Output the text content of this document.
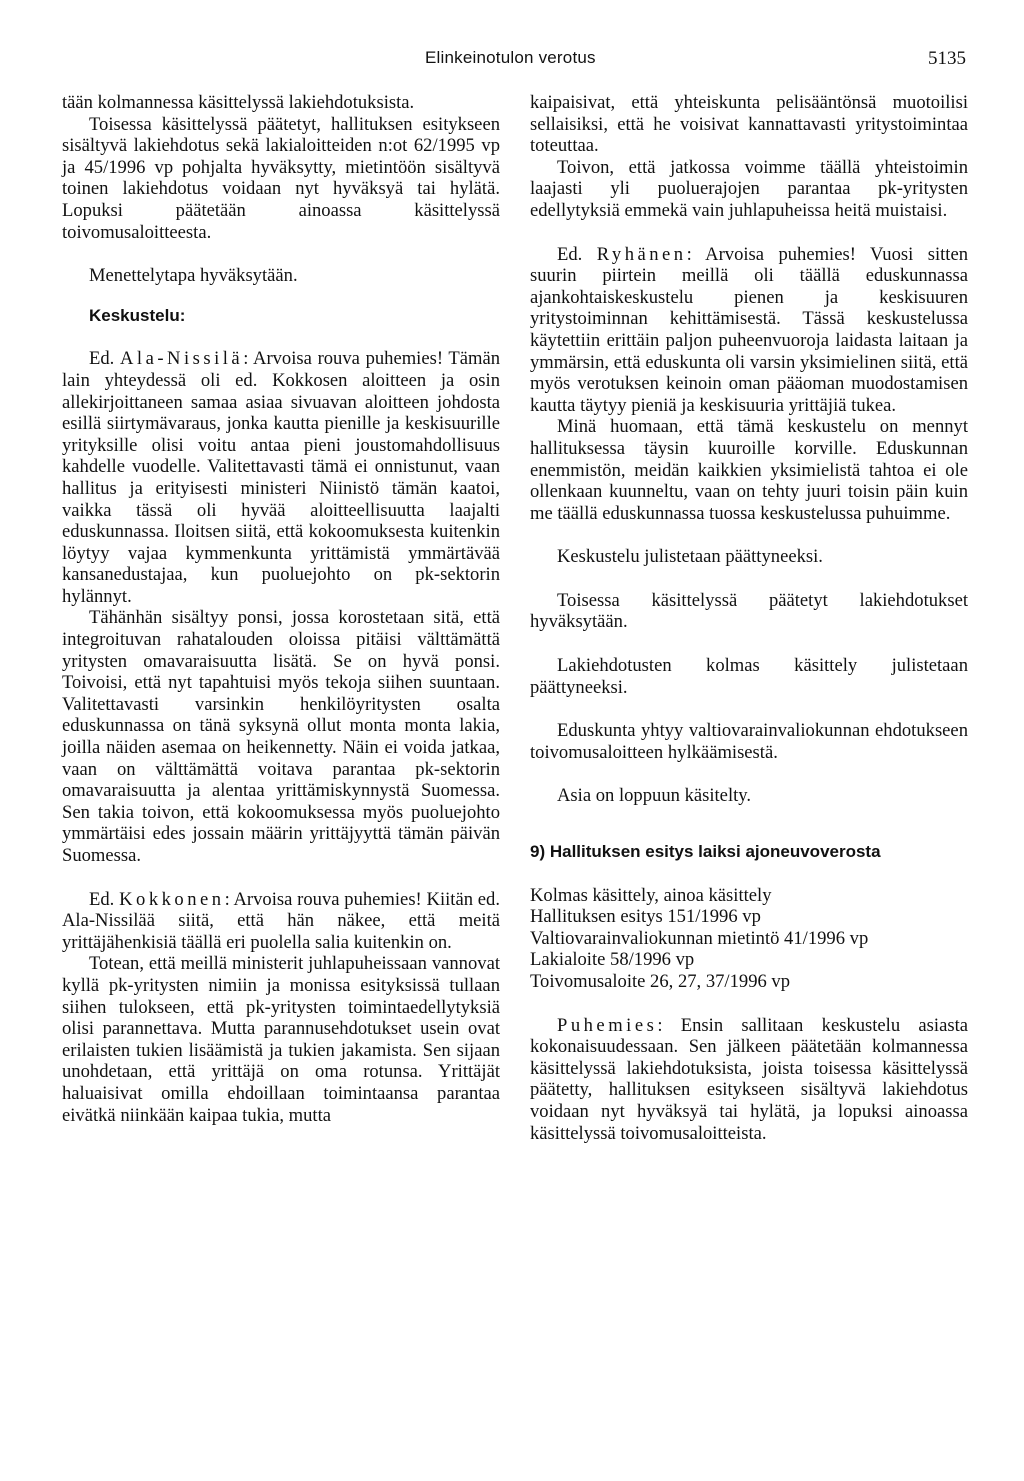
Elinkeinotulon verotus	5135

tään kolmannessa käsittelyssä lakiehdotuksista.

Toisessa käsittelyssä päätetyt, hallituksen esitykseen sisältyvä lakiehdotus sekä lakialoitteiden n:ot 62/1995 vp ja 45/1996 vp pohjalta hyväksytty, mietintöön sisältyvä toinen lakiehdotus voidaan nyt hyväksyä tai hylätä. Lopuksi päätetään ainoassa käsittelyssä toivomusaloitteesta.

Menettelytapa hyväksytään.

Keskustelu:

Ed. Ala-Nissilä: Arvoisa rouva puhemies! Tämän lain yhteydessä oli ed. Kokkosen aloitteen ja osin allekirjoittaneen samaa asiaa sivuavan aloitteen johdosta esillä siirtymävaraus, jonka kautta pienille ja keskisuurille yrityksille olisi voitu antaa pieni joustomahdollisuus kahdelle vuodelle. Valitettavasti tämä ei onnistunut, vaan hallitus ja erityisesti ministeri Niinistö tämän kaatoi, vaikka tässä oli hyvää aloitteellisuutta laajalti eduskunnassa. Iloitsen siitä, että kokoomuksesta kuitenkin löytyy vajaa kymmenkunta yrittämistä ymmärtävää kansanedustajaa, kun puoluejohto on pk-sektorin hylännyt.

Tähänhän sisältyy ponsi, jossa korostetaan sitä, että integroituvan rahatalouden oloissa pitäisi välttämättä yritysten omavaraisuutta lisätä. Se on hyvä ponsi. Toivoisi, että nyt tapahtuisi myös tekoja siihen suuntaan. Valitettavasti varsinkin henkilöyritysten osalta eduskunnassa on tänä syksynä ollut monta monta lakia, joilla näiden asemaa on heikennetty. Näin ei voida jatkaa, vaan on välttämättä voitava parantaa pk-sektorin omavaraisuutta ja alentaa yrittämiskynnystä Suomessa. Sen takia toivon, että kokoomuksessa myös puoluejohto ymmärtäisi edes jossain määrin yrittäjyyttä tämän päivän Suomessa.

Ed. Kokkonen: Arvoisa rouva puhemies! Kiitän ed. Ala-Nissilää siitä, että hän näkee, että meitä yrittäjähenkisiä täällä eri puolella salia kuitenkin on.

Totean, että meillä ministerit juhlapuheissaan vannovat kyllä pk-yritysten nimiin ja monissa esityksissä tullaan siihen tulokseen, että pk-yritysten toimintaedellytyksiä olisi parannettava. Mutta parannusehdotukset usein ovat erilaisten tukien lisäämistä ja tukien jakamista. Sen sijaan unohdetaan, että yrittäjä on oma rotunsa. Yrittäjät haluaisivat omilla ehdoillaan toimintaansa parantaa eivätkä niinkään kaipaa tukia, mutta

kaipaisivat, että yhteiskunta pelisääntönsä muotoilisi sellaisiksi, että he voisivat kannattavasti yritystoimintaa toteuttaa.

Toivon, että jatkossa voimme täällä yhteistoimin laajasti yli puoluerajojen parantaa pk-yritysten edellytyksiä emmekä vain juhlapuheissa heitä muistaisi.

Ed. Ryhänen: Arvoisa puhemies! Vuosi sitten suurin piirtein meillä oli täällä eduskunnassa ajankohtaiskeskustelu pienen ja keskisuuren yritystoiminnan kehittämisestä. Tässä keskustelussa käytettiin erittäin paljon puheenvuoroja laidasta laitaan ja ymmärsin, että eduskunta oli varsin yksimielinen siitä, että myös verotuksen keinoin oman pääoman muodostamisen kautta täytyy pieniä ja keskisuuria yrittäjiä tukea.

Minä huomaan, että tämä keskustelu on mennyt hallituksessa täysin kuuroille korville. Eduskunnan enemmistön, meidän kaikkien yksimielistä tahtoa ei ole ollenkaan kuunneltu, vaan on tehty juuri toisin päin kuin me täällä eduskunnassa tuossa keskustelussa puhuimme.

Keskustelu julistetaan päättyneeksi.

Toisessa käsittelyssä päätetyt lakiehdotukset hyväksytään.

Lakiehdotusten kolmas käsittely julistetaan päättyneeksi.

Eduskunta yhtyy valtiovarainvaliokunnan ehdotukseen toivomusaloitteen hylkäämisestä.

Asia on loppuun käsitelty.

9) Hallituksen esitys laiksi ajoneuvoverosta

Kolmas käsittely, ainoa käsittely

Hallituksen esitys 151/1996 vp

Valtiovarainvaliokunnan mietintö 41/1996 vp

Lakialoite 58/1996 vp

Toivomusaloite 26, 27, 37/1996 vp

Puhemies: Ensin sallitaan keskustelu asiasta kokonaisuudessaan. Sen jälkeen päätetään kolmannessa käsittelyssä lakiehdotuksista, joista toisessa käsittelyssä päätetty, hallituksen esitykseen sisältyvä lakiehdotus voidaan nyt hyväksyä tai hylätä, ja lopuksi ainoassa käsittelyssä toivomusaloitteista.
